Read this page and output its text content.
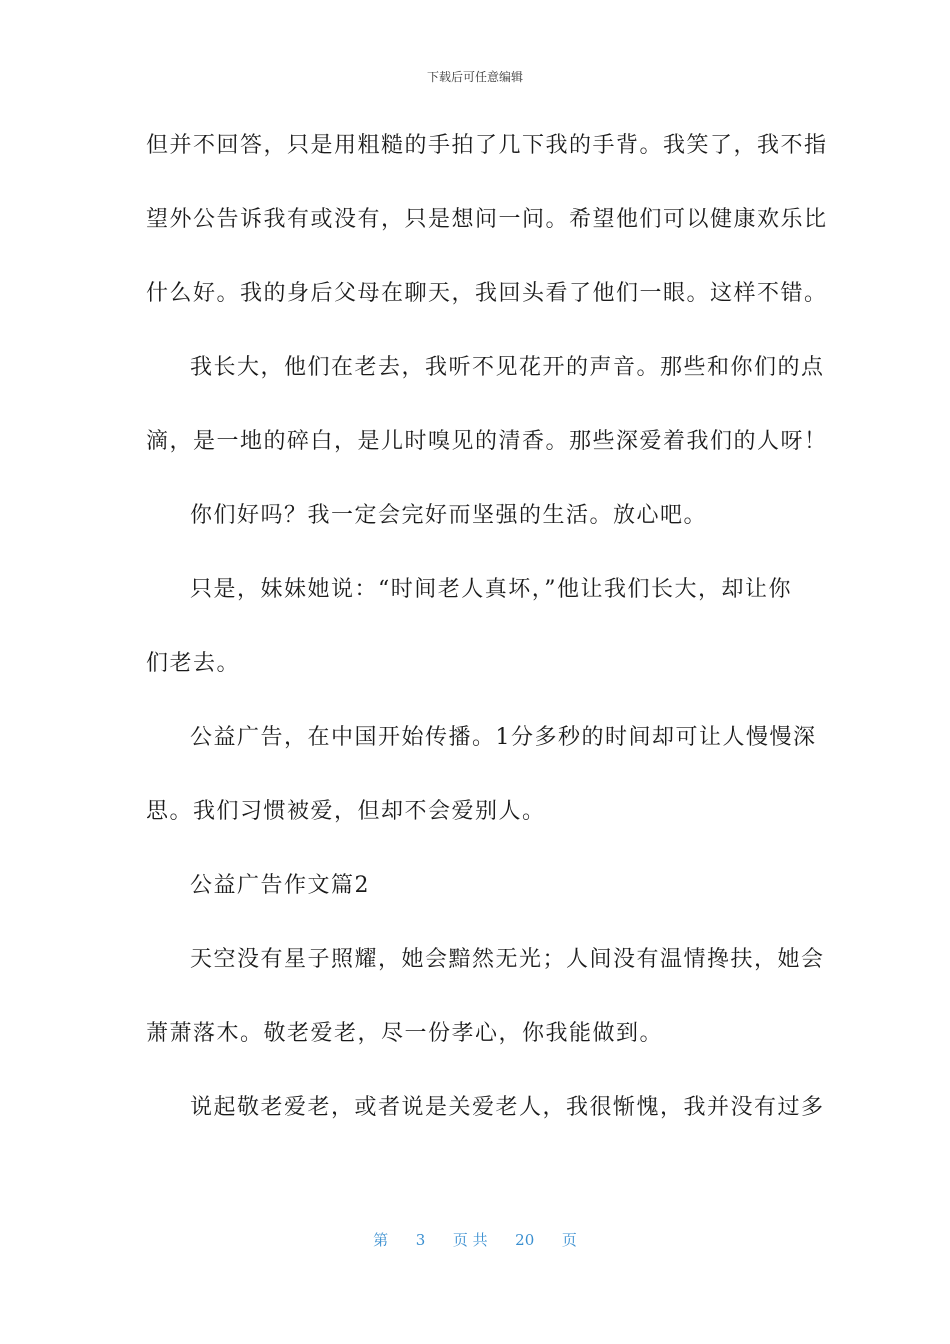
下载后可任意编辑

但并不回答，只是用粗糙的手拍了几下我的手背。我笑了，我不指

望外公告诉我有或没有，只是想问一问。希望他们可以健康欢乐比

什么好。我的身后父母在聊天，我回头看了他们一眼。这样不错。

我长大，他们在老去，我听不见花开的声音。那些和你们的点

滴，是一地的碎白，是儿时嗅见的清香。那些深爱着我们的人呀！

你们好吗？我一定会完好而坚强的生活。放心吧。

只是，妹妹她说：“时间老人真坏，”他让我们长大，却让你

们老去。

公益广告，在中国开始传播。1分多秒的时间却可让人慢慢深

思。我们习惯被爱，但却不会爱别人。

公益广告作文篇2

天空没有星子照耀，她会黯然无光；人间没有温情搀扶，她会

萧萧落木。敬老爱老，尽一份孝心，你我能做到。

说起敬老爱老，或者说是关爱老人，我很惭愧，我并没有过多

第 3 页 共 20 页
